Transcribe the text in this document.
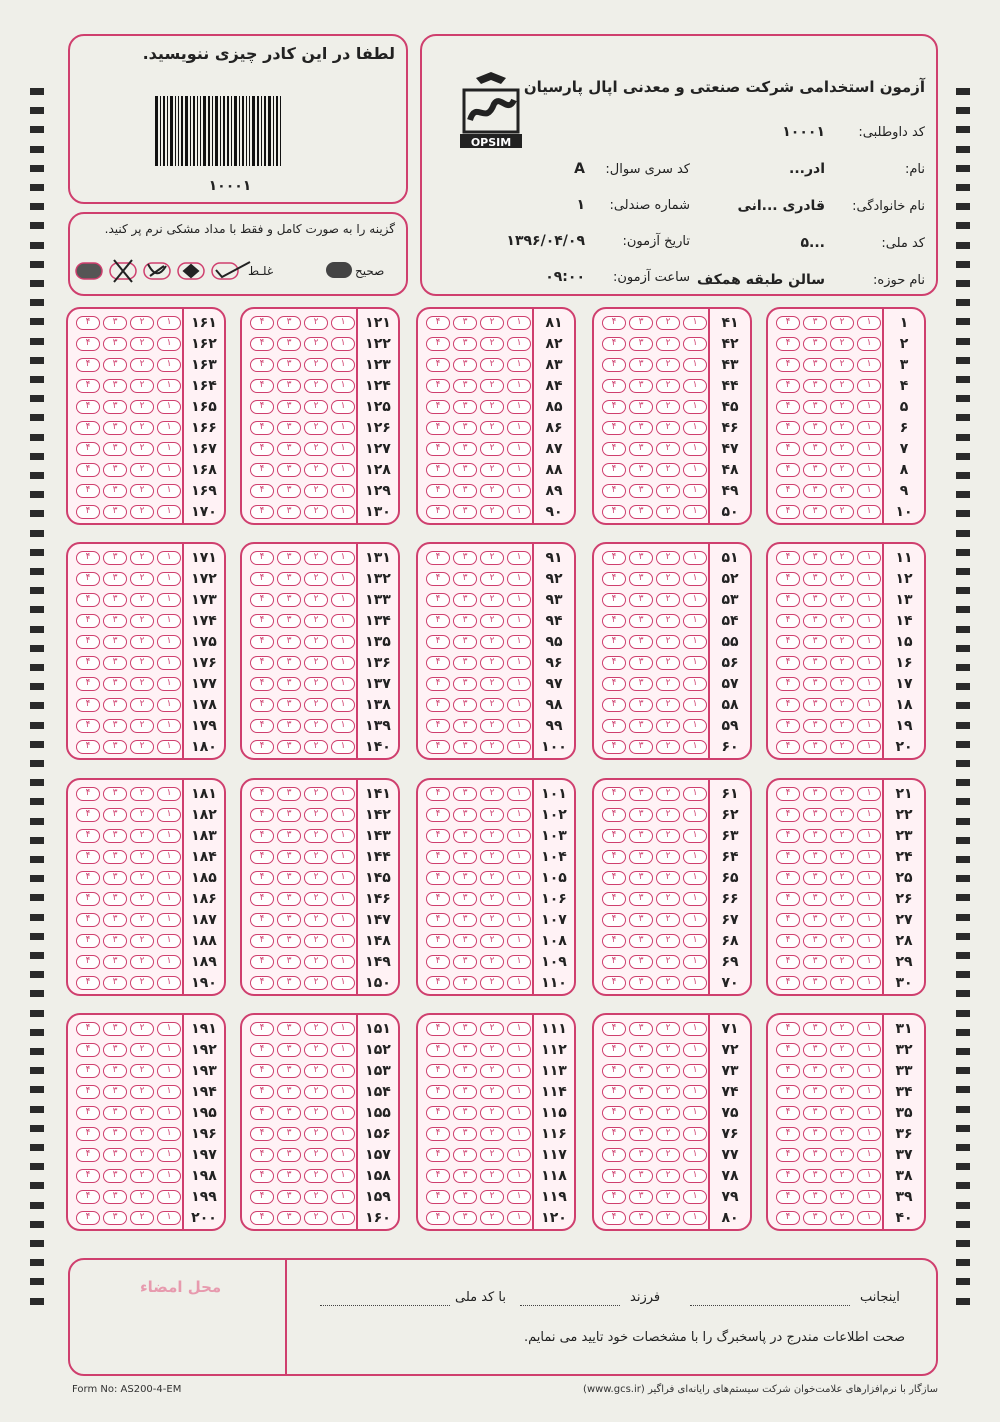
لطفا در این کادر چیزی ننویسید.
۱۰۰۰۱
گزینه را به صورت کامل و فقط با مداد مشکی نرم پر کنید.
صحیح
غلـط
آزمون استخدامی شرکت صنعتی و معدنی اپال پارسیان
OPSIM
کد داوطلبی:
۱۰۰۰۱
نام:
ادر...
نام خانوادگی:
قادری ...انی
کد ملی:
...۵
نام حوزه:
سالن طبقه همکف
کد سری سوال:
A
شماره صندلی:
۱
تاریخ آزمون:
۱۳۹۶/۰۴/۰۹
ساعت آزمون:
۰۹:۰۰
۱
۱
۲
۳
۴
۲
۱
۲
۳
۴
۳
۱
۲
۳
۴
۴
۱
۲
۳
۴
۵
۱
۲
۳
۴
۶
۱
۲
۳
۴
۷
۱
۲
۳
۴
۸
۱
۲
۳
۴
۹
۱
۲
۳
۴
۱۰
۱
۲
۳
۴
۱۱
۱
۲
۳
۴
۱۲
۱
۲
۳
۴
۱۳
۱
۲
۳
۴
۱۴
۱
۲
۳
۴
۱۵
۱
۲
۳
۴
۱۶
۱
۲
۳
۴
۱۷
۱
۲
۳
۴
۱۸
۱
۲
۳
۴
۱۹
۱
۲
۳
۴
۲۰
۱
۲
۳
۴
۲۱
۱
۲
۳
۴
۲۲
۱
۲
۳
۴
۲۳
۱
۲
۳
۴
۲۴
۱
۲
۳
۴
۲۵
۱
۲
۳
۴
۲۶
۱
۲
۳
۴
۲۷
۱
۲
۳
۴
۲۸
۱
۲
۳
۴
۲۹
۱
۲
۳
۴
۳۰
۱
۲
۳
۴
۳۱
۱
۲
۳
۴
۳۲
۱
۲
۳
۴
۳۳
۱
۲
۳
۴
۳۴
۱
۲
۳
۴
۳۵
۱
۲
۳
۴
۳۶
۱
۲
۳
۴
۳۷
۱
۲
۳
۴
۳۸
۱
۲
۳
۴
۳۹
۱
۲
۳
۴
۴۰
۱
۲
۳
۴
۴۱
۱
۲
۳
۴
۴۲
۱
۲
۳
۴
۴۳
۱
۲
۳
۴
۴۴
۱
۲
۳
۴
۴۵
۱
۲
۳
۴
۴۶
۱
۲
۳
۴
۴۷
۱
۲
۳
۴
۴۸
۱
۲
۳
۴
۴۹
۱
۲
۳
۴
۵۰
۱
۲
۳
۴
۵۱
۱
۲
۳
۴
۵۲
۱
۲
۳
۴
۵۳
۱
۲
۳
۴
۵۴
۱
۲
۳
۴
۵۵
۱
۲
۳
۴
۵۶
۱
۲
۳
۴
۵۷
۱
۲
۳
۴
۵۸
۱
۲
۳
۴
۵۹
۱
۲
۳
۴
۶۰
۱
۲
۳
۴
۶۱
۱
۲
۳
۴
۶۲
۱
۲
۳
۴
۶۳
۱
۲
۳
۴
۶۴
۱
۲
۳
۴
۶۵
۱
۲
۳
۴
۶۶
۱
۲
۳
۴
۶۷
۱
۲
۳
۴
۶۸
۱
۲
۳
۴
۶۹
۱
۲
۳
۴
۷۰
۱
۲
۳
۴
۷۱
۱
۲
۳
۴
۷۲
۱
۲
۳
۴
۷۳
۱
۲
۳
۴
۷۴
۱
۲
۳
۴
۷۵
۱
۲
۳
۴
۷۶
۱
۲
۳
۴
۷۷
۱
۲
۳
۴
۷۸
۱
۲
۳
۴
۷۹
۱
۲
۳
۴
۸۰
۱
۲
۳
۴
۸۱
۱
۲
۳
۴
۸۲
۱
۲
۳
۴
۸۳
۱
۲
۳
۴
۸۴
۱
۲
۳
۴
۸۵
۱
۲
۳
۴
۸۶
۱
۲
۳
۴
۸۷
۱
۲
۳
۴
۸۸
۱
۲
۳
۴
۸۹
۱
۲
۳
۴
۹۰
۱
۲
۳
۴
۹۱
۱
۲
۳
۴
۹۲
۱
۲
۳
۴
۹۳
۱
۲
۳
۴
۹۴
۱
۲
۳
۴
۹۵
۱
۲
۳
۴
۹۶
۱
۲
۳
۴
۹۷
۱
۲
۳
۴
۹۸
۱
۲
۳
۴
۹۹
۱
۲
۳
۴
۱۰۰
۱
۲
۳
۴
۱۰۱
۱
۲
۳
۴
۱۰۲
۱
۲
۳
۴
۱۰۳
۱
۲
۳
۴
۱۰۴
۱
۲
۳
۴
۱۰۵
۱
۲
۳
۴
۱۰۶
۱
۲
۳
۴
۱۰۷
۱
۲
۳
۴
۱۰۸
۱
۲
۳
۴
۱۰۹
۱
۲
۳
۴
۱۱۰
۱
۲
۳
۴
۱۱۱
۱
۲
۳
۴
۱۱۲
۱
۲
۳
۴
۱۱۳
۱
۲
۳
۴
۱۱۴
۱
۲
۳
۴
۱۱۵
۱
۲
۳
۴
۱۱۶
۱
۲
۳
۴
۱۱۷
۱
۲
۳
۴
۱۱۸
۱
۲
۳
۴
۱۱۹
۱
۲
۳
۴
۱۲۰
۱
۲
۳
۴
۱۲۱
۱
۲
۳
۴
۱۲۲
۱
۲
۳
۴
۱۲۳
۱
۲
۳
۴
۱۲۴
۱
۲
۳
۴
۱۲۵
۱
۲
۳
۴
۱۲۶
۱
۲
۳
۴
۱۲۷
۱
۲
۳
۴
۱۲۸
۱
۲
۳
۴
۱۲۹
۱
۲
۳
۴
۱۳۰
۱
۲
۳
۴
۱۳۱
۱
۲
۳
۴
۱۳۲
۱
۲
۳
۴
۱۳۳
۱
۲
۳
۴
۱۳۴
۱
۲
۳
۴
۱۳۵
۱
۲
۳
۴
۱۳۶
۱
۲
۳
۴
۱۳۷
۱
۲
۳
۴
۱۳۸
۱
۲
۳
۴
۱۳۹
۱
۲
۳
۴
۱۴۰
۱
۲
۳
۴
۱۴۱
۱
۲
۳
۴
۱۴۲
۱
۲
۳
۴
۱۴۳
۱
۲
۳
۴
۱۴۴
۱
۲
۳
۴
۱۴۵
۱
۲
۳
۴
۱۴۶
۱
۲
۳
۴
۱۴۷
۱
۲
۳
۴
۱۴۸
۱
۲
۳
۴
۱۴۹
۱
۲
۳
۴
۱۵۰
۱
۲
۳
۴
۱۵۱
۱
۲
۳
۴
۱۵۲
۱
۲
۳
۴
۱۵۳
۱
۲
۳
۴
۱۵۴
۱
۲
۳
۴
۱۵۵
۱
۲
۳
۴
۱۵۶
۱
۲
۳
۴
۱۵۷
۱
۲
۳
۴
۱۵۸
۱
۲
۳
۴
۱۵۹
۱
۲
۳
۴
۱۶۰
۱
۲
۳
۴
۱۶۱
۱
۲
۳
۴
۱۶۲
۱
۲
۳
۴
۱۶۳
۱
۲
۳
۴
۱۶۴
۱
۲
۳
۴
۱۶۵
۱
۲
۳
۴
۱۶۶
۱
۲
۳
۴
۱۶۷
۱
۲
۳
۴
۱۶۸
۱
۲
۳
۴
۱۶۹
۱
۲
۳
۴
۱۷۰
۱
۲
۳
۴
۱۷۱
۱
۲
۳
۴
۱۷۲
۱
۲
۳
۴
۱۷۳
۱
۲
۳
۴
۱۷۴
۱
۲
۳
۴
۱۷۵
۱
۲
۳
۴
۱۷۶
۱
۲
۳
۴
۱۷۷
۱
۲
۳
۴
۱۷۸
۱
۲
۳
۴
۱۷۹
۱
۲
۳
۴
۱۸۰
۱
۲
۳
۴
۱۸۱
۱
۲
۳
۴
۱۸۲
۱
۲
۳
۴
۱۸۳
۱
۲
۳
۴
۱۸۴
۱
۲
۳
۴
۱۸۵
۱
۲
۳
۴
۱۸۶
۱
۲
۳
۴
۱۸۷
۱
۲
۳
۴
۱۸۸
۱
۲
۳
۴
۱۸۹
۱
۲
۳
۴
۱۹۰
۱
۲
۳
۴
۱۹۱
۱
۲
۳
۴
۱۹۲
۱
۲
۳
۴
۱۹۳
۱
۲
۳
۴
۱۹۴
۱
۲
۳
۴
۱۹۵
۱
۲
۳
۴
۱۹۶
۱
۲
۳
۴
۱۹۷
۱
۲
۳
۴
۱۹۸
۱
۲
۳
۴
۱۹۹
۱
۲
۳
۴
۲۰۰
۱
۲
۳
۴
محل امضاء
اینجانب
فرزند
با کد ملی
صحت اطلاعات مندرج در پاسخبرگ را با مشخصات خود تایید می نمایم.
Form No: AS200-4-EM	سازگار با نرم‌افزارهای علامت‌خوان شرکت سیستم‌های رایانه‌ای فراگیر (www.gcs.ir)
